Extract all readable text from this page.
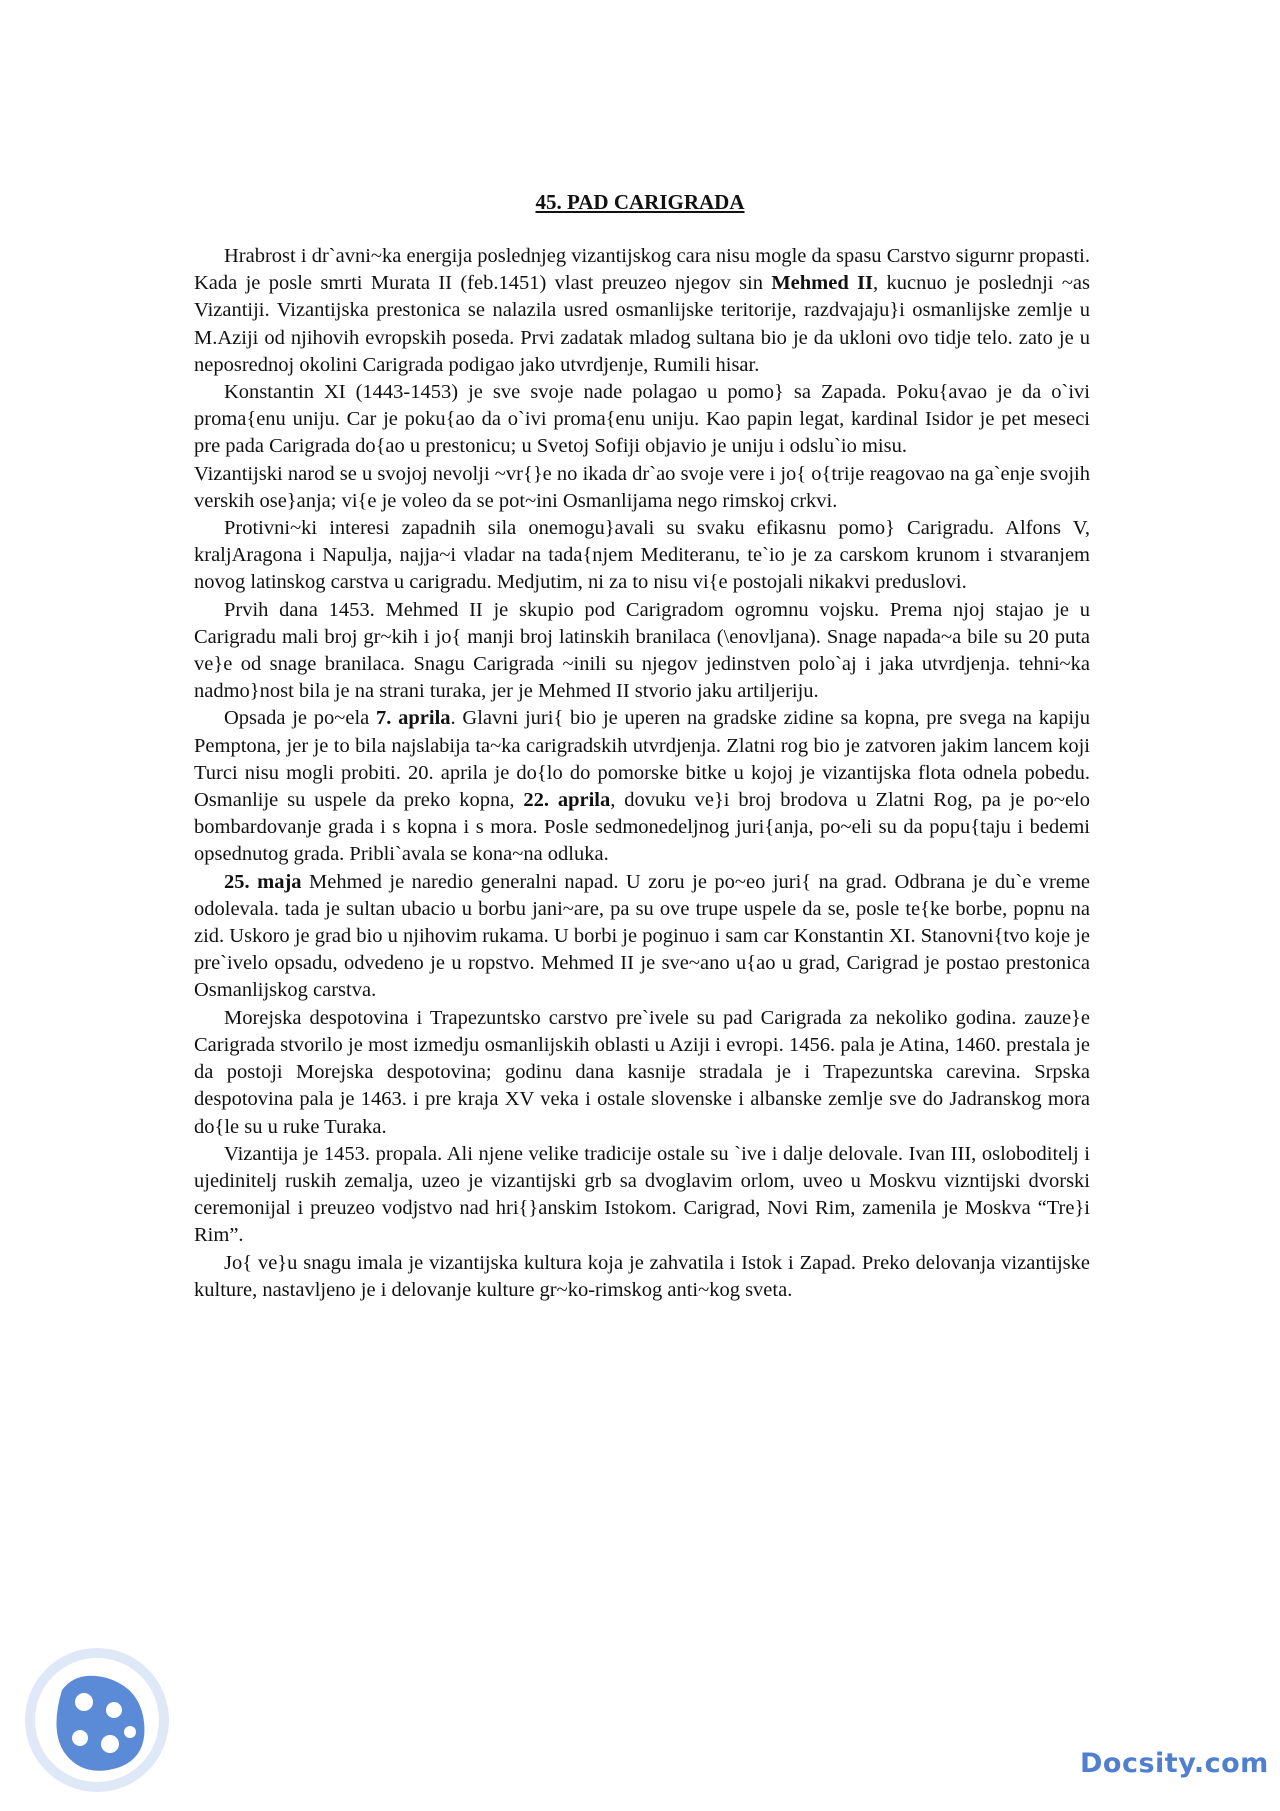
45. PAD CARIGRADA

Hrabrost i dr`avni~ka energija poslednjeg vizantijskog cara nisu mogle da spasu Carstvo sigurnr propasti. Kada je posle smrti Murata II (feb.1451) vlast preuzeo njegov sin Mehmed II, kucnuo je poslednji ~as Vizantiji. Vizantijska prestonica se nalazila usred osmanlijske teritorije, razdvajaju}i osmanlijske zemlje u M.Aziji od njihovih evropskih poseda. Prvi zadatak mladog sultana bio je da ukloni ovo tidje telo. zato je u neposrednoj okolini Carigrada podigao jako utvrdjenje, Rumili hisar.

Konstantin XI (1443-1453) je sve svoje nade polagao u pomo} sa Zapada. Poku{avao je da o`ivi proma{enu uniju. Car je poku{ao da o`ivi proma{enu uniju. Kao papin legat, kardinal Isidor je pet meseci pre pada Carigrada do{ao u prestonicu; u Svetoj Sofiji objavio je uniju i odslu`io misu.

Vizantijski narod se u svojoj nevolji ~vr{}e no ikada dr`ao svoje vere i jo{ o{trije reagovao na ga`enje svojih verskih ose}anja; vi{e je voleo da se pot~ini Osmanlijama nego rimskoj crkvi.

Protivni~ki interesi zapadnih sila onemogu}avali su svaku efikasnu pomo} Carigradu. Alfons V, kraljAragona i Napulja, najja~i vladar na tada{njem Mediteranu, te`io je za carskom krunom i stvaranjem novog latinskog carstva u carigradu. Medjutim, ni za to nisu vi{e postojali nikakvi preduslovi.

Prvih dana 1453. Mehmed II je skupio pod Carigradom ogromnu vojsku. Prema njoj stajao je u Carigradu mali broj gr~kih i jo{ manji broj latinskih branilaca (\enovljana). Snage napada~a bile su 20 puta ve}e od snage branilaca. Snagu Carigrada ~inili su njegov jedinstven polo`aj i jaka utvrdjenja. tehni~ka nadmo}nost bila je na strani turaka, jer je Mehmed II stvorio jaku artiljeriju.

Opsada je po~ela 7. aprila. Glavni juri{ bio je uperen na gradske zidine sa kopna, pre svega na kapiju Pemptona, jer je to bila najslabija ta~ka carigradskih utvrdjenja. Zlatni rog bio je zatvoren jakim lancem koji Turci nisu mogli probiti. 20. aprila je do{lo do pomorske bitke u kojoj je vizantijska flota odnela pobedu. Osmanlije su uspele da preko kopna, 22. aprila, dovuku ve}i broj brodova u Zlatni Rog, pa je po~elo bombardovanje grada i s kopna i s mora. Posle sedmonedeljnog juri{anja, po~eli su da popu{taju i bedemi opsednutog grada. Pribli`avala se kona~na odluka.

25. maja Mehmed je naredio generalni napad. U zoru je po~eo juri{ na grad. Odbrana je du`e vreme odolevala. tada je sultan ubacio u borbu jani~are, pa su ove trupe uspele da se, posle te{ke borbe, popnu na zid. Uskoro je grad bio u njihovim rukama. U borbi je poginuo i sam car Konstantin XI. Stanovni{tvo koje je pre`ivelo opsadu, odvedeno je u ropstvo. Mehmed II je sve~ano u{ao u grad, Carigrad je postao prestonica Osmanlijskog carstva.

Morejska despotovina i Trapezuntsko carstvo pre`ivele su pad Carigrada za nekoliko godina. zauze}e Carigrada stvorilo je most izmedju osmanlijskih oblasti u Aziji i evropi. 1456. pala je Atina, 1460. prestala je da postoji Morejska despotovina; godinu dana kasnije stradala je i Trapezuntska carevina. Srpska despotovina pala je 1463. i pre kraja XV veka i ostale slovenske i albanske zemlje sve do Jadranskog mora do{le su u ruke Turaka.

Vizantija je 1453. propala. Ali njene velike tradicije ostale su `ive i dalje delovale. Ivan III, osloboditelj i ujedinitelj ruskih zemalja, uzeo je vizantijski grb sa dvoglavim orlom, uveo u Moskvu vizntijski dvorski ceremonijal i preuzeo vodjstvo nad hri{}anskim Istokom. Carigrad, Novi Rim, zamenila je Moskva “Tre}i Rim”.

Jo{ ve}u snagu imala je vizantijska kultura koja je zahvatila i Istok i Zapad. Preko delovanja vizantijske kulture, nastavljeno je i delovanje kulture gr~ko-rimskog anti~kog sveta.

Docsity.com
